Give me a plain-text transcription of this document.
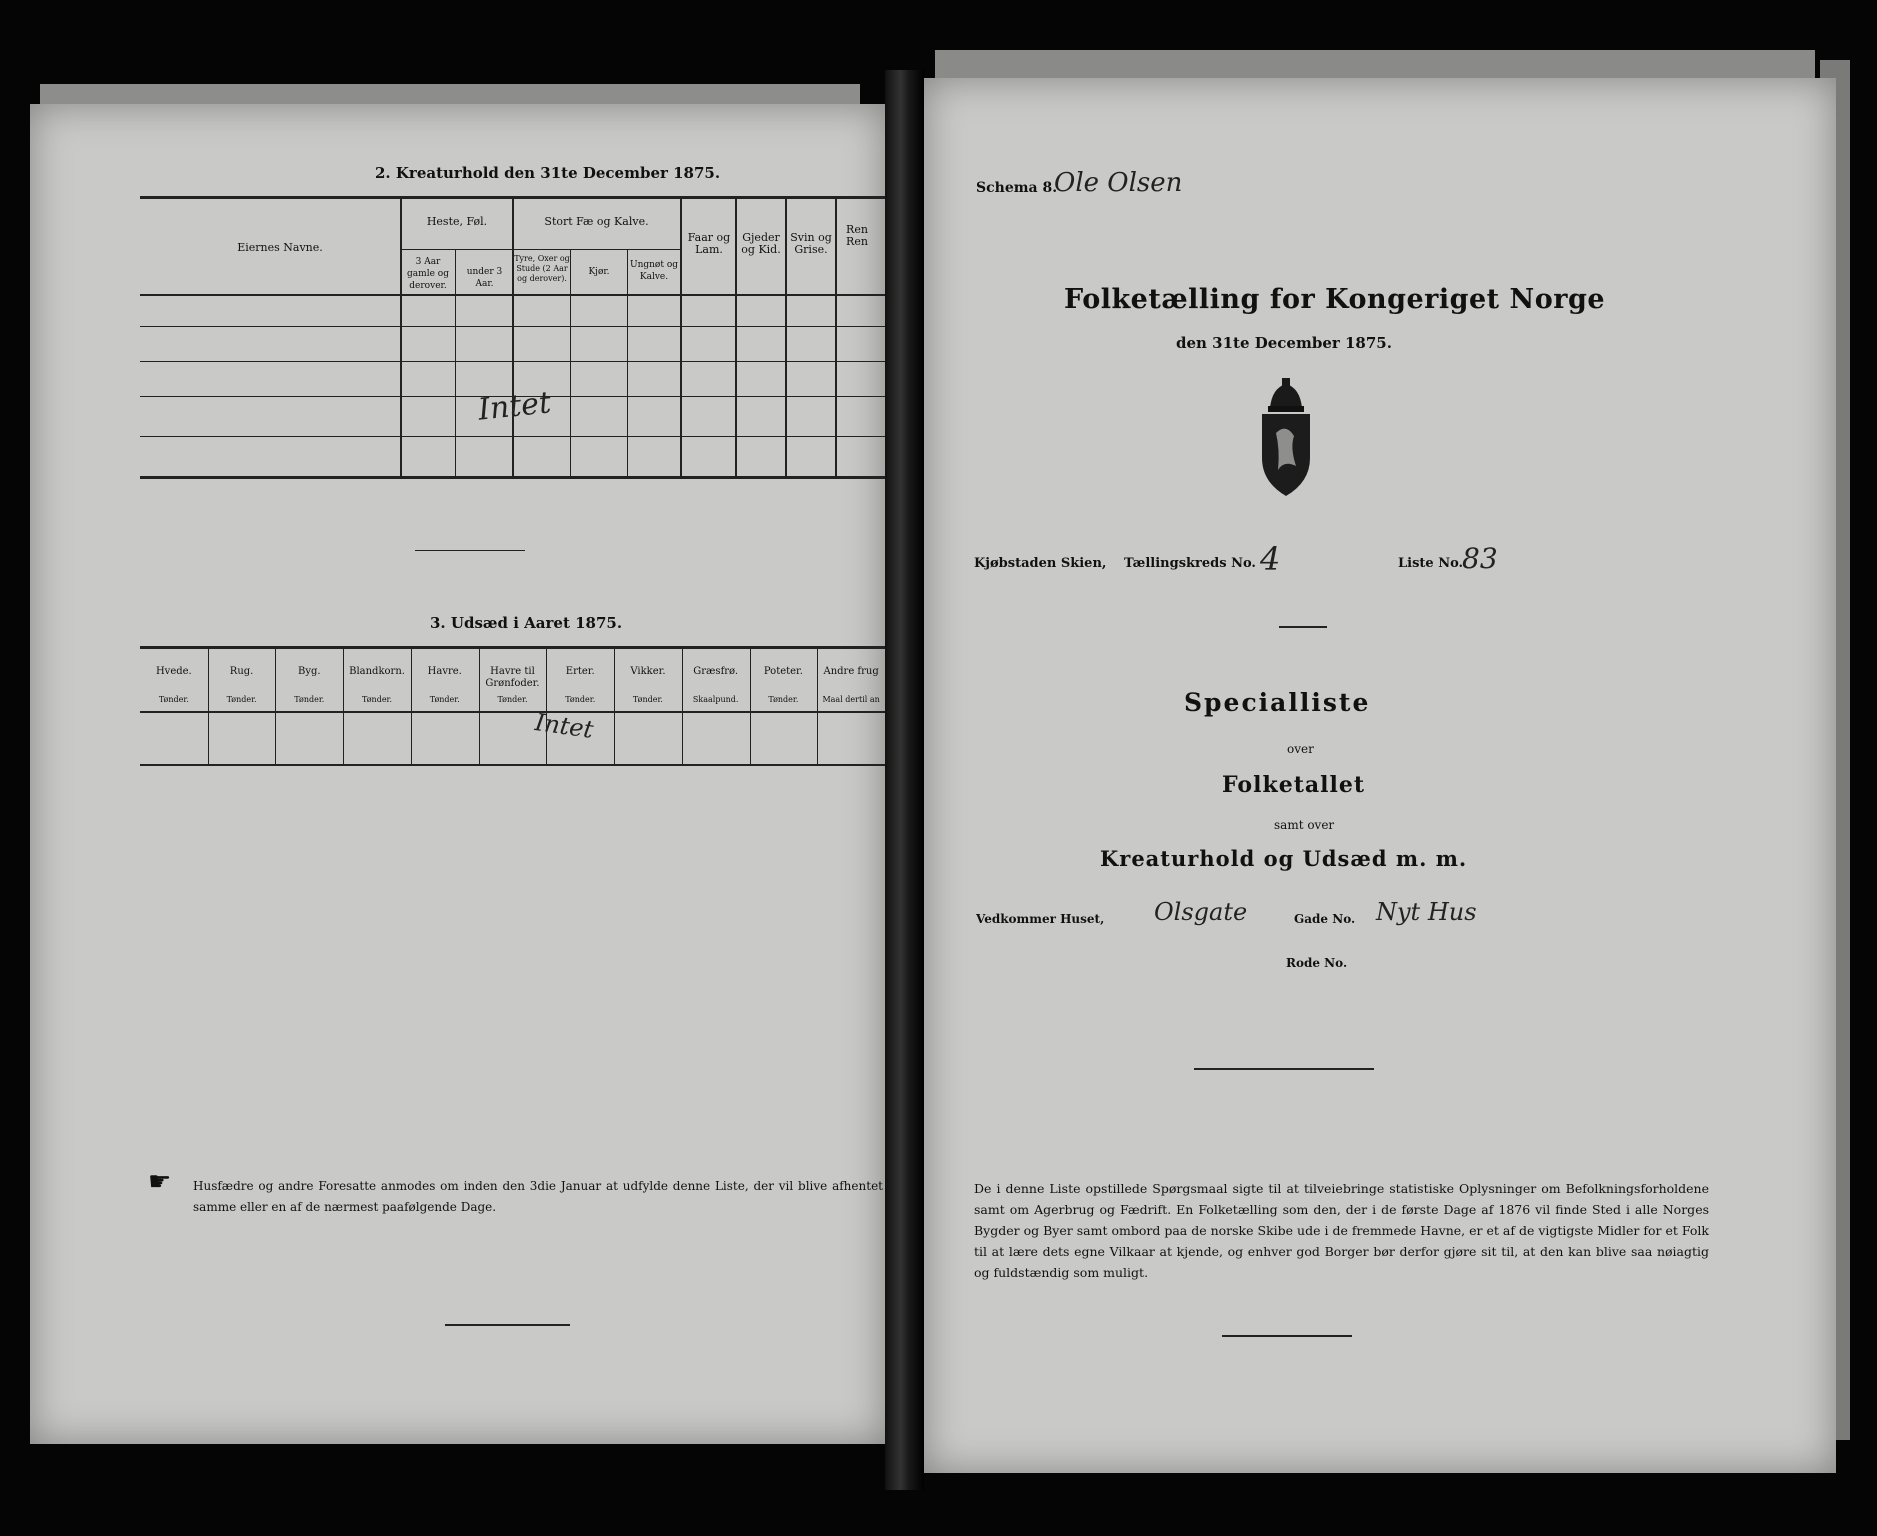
2. Kreaturhold den 31te December 1875.
Eiernes Navne.
Heste, Føl.
3 Aar gamle og derover.
under 3 Aar.
Stort Fæ og Kalve.
Tyre, Oxer og Stude (2 Aar og derover).
Kjør.
Ungnøt og Kalve.
Faar og Lam.
Gjeder og Kid.
Svin og Grise.
Ren Ren
Intet
3. Udsæd i Aaret 1875.
Hvede.
Tønder.
Rug.
Tønder.
Byg.
Tønder.
Blandkorn.
Tønder.
Havre.
Tønder.
Havre til Grønfoder.
Tønder.
Erter.
Tønder.
Vikker.
Tønder.
Græsfrø.
Skaalpund.
Poteter.
Tønder.
Andre frug
Maal dertil an
Intet
☛ Husfædre og andre Foresatte anmodes om inden den 3die Januar at udfylde denne Liste, der vil blive afhentet samme eller en af de nærmest paafølgende Dage.
Schema 8.
Ole Olsen
Folketælling for Kongeriget Norge
den 31te December 1875.
Kjøbstaden Skien, Tællingskreds No. 4	Liste No.
83
Specialliste
over
Folketallet
samt over
Kreaturhold og Udsæd m. m.
Vedkommer Huset, Olsgate	Gade No. Nyt Hus
Rode No.
De i denne Liste opstillede Spørgsmaal sigte til at tilveiebringe statistiske Oplysninger om Befolkningsforholdene samt om Agerbrug og Fædrift. En Folketælling som den, der i de første Dage af 1876 vil finde Sted i alle Norges Bygder og Byer samt ombord paa de norske Skibe ude i de fremmede Havne, er et af de vigtigste Midler for et Folk til at lære dets egne Vilkaar at kjende, og enhver god Borger bør derfor gjøre sit til, at den kan blive saa nøiagtig og fuldstændig som muligt.
